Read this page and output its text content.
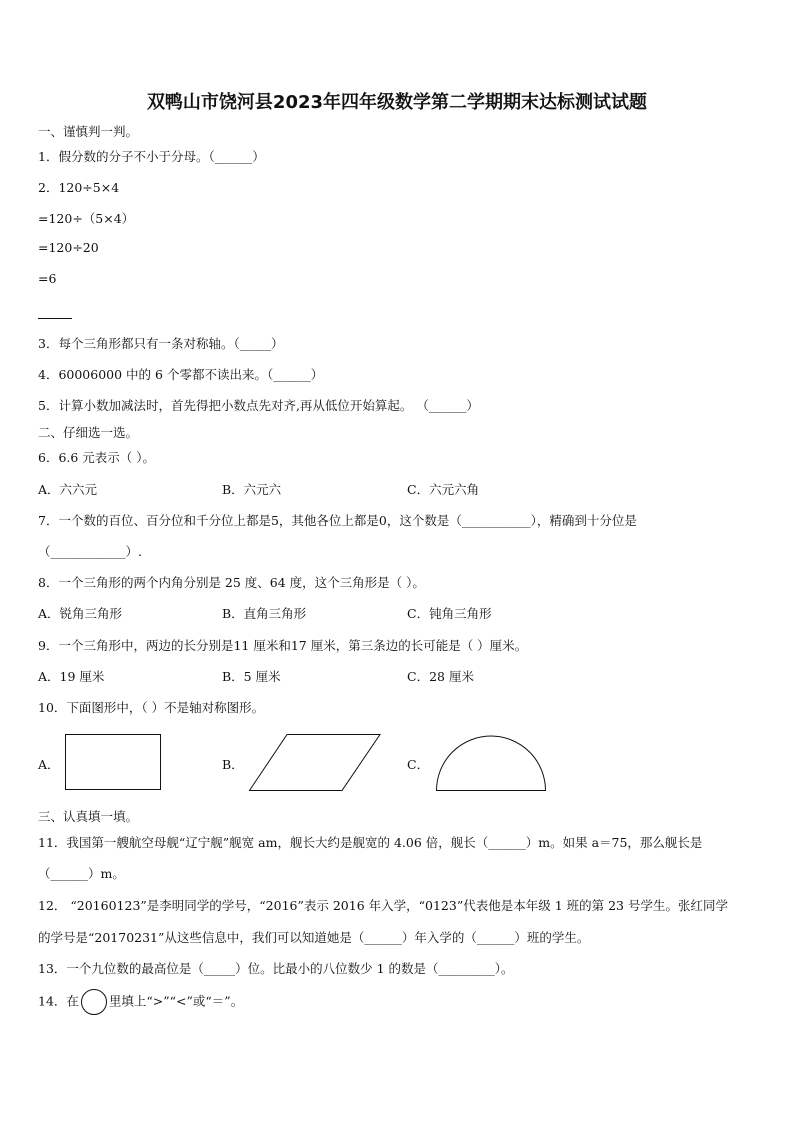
双鸭山市饶河县2023年四年级数学第二学期期末达标测试试题
一、谨慎判一判。
1．假分数的分子不小于分母。（______）
2．120÷5×4
=120÷（5×4）
=120÷20
=6
3．每个三角形都只有一条对称轴。（_____）
4．60006000 中的 6 个零都不读出来。（______）
5．计算小数加减法时，首先得把小数点先对齐,再从低位开始算起。 （______）
二、仔细选一选。
6．6.6 元表示（ ）。
A．六六元	B．六元六	C．六元六角
7．一个数的百位、百分位和千分位上都是5，其他各位上都是0，这个数是（___________），精确到十分位是
（____________）.
8．一个三角形的两个内角分别是 25 度、64 度，这个三角形是（ ）。
A．锐角三角形	B．直角三角形	C．钝角三角形
9．一个三角形中，两边的长分别是11 厘米和17 厘米，第三条边的长可能是（ ）厘米。
A．19 厘米	B．5 厘米	C．28 厘米
10．下面图形中，（ ）不是轴对称图形。
A．	B．	C．
三、认真填一填。
11．我国第一艘航空母舰“辽宁舰”舰宽 am，舰长大约是舰宽的 4.06 倍，舰长（______）m。如果 a＝75，那么舰长是
（______）m。
12． “20160123”是李明同学的学号，“2016”表示 2016 年入学，“0123”代表他是本年级 1 班的第 23 号学生。张红同学
的学号是“20170231”从这些信息中，我们可以知道她是（______）年入学的（______）班的学生。
13．一个九位数的最高位是（_____）位。比最小的八位数少 1 的数是（_________）。
14．在 里填上“>”“<”或“＝”。
